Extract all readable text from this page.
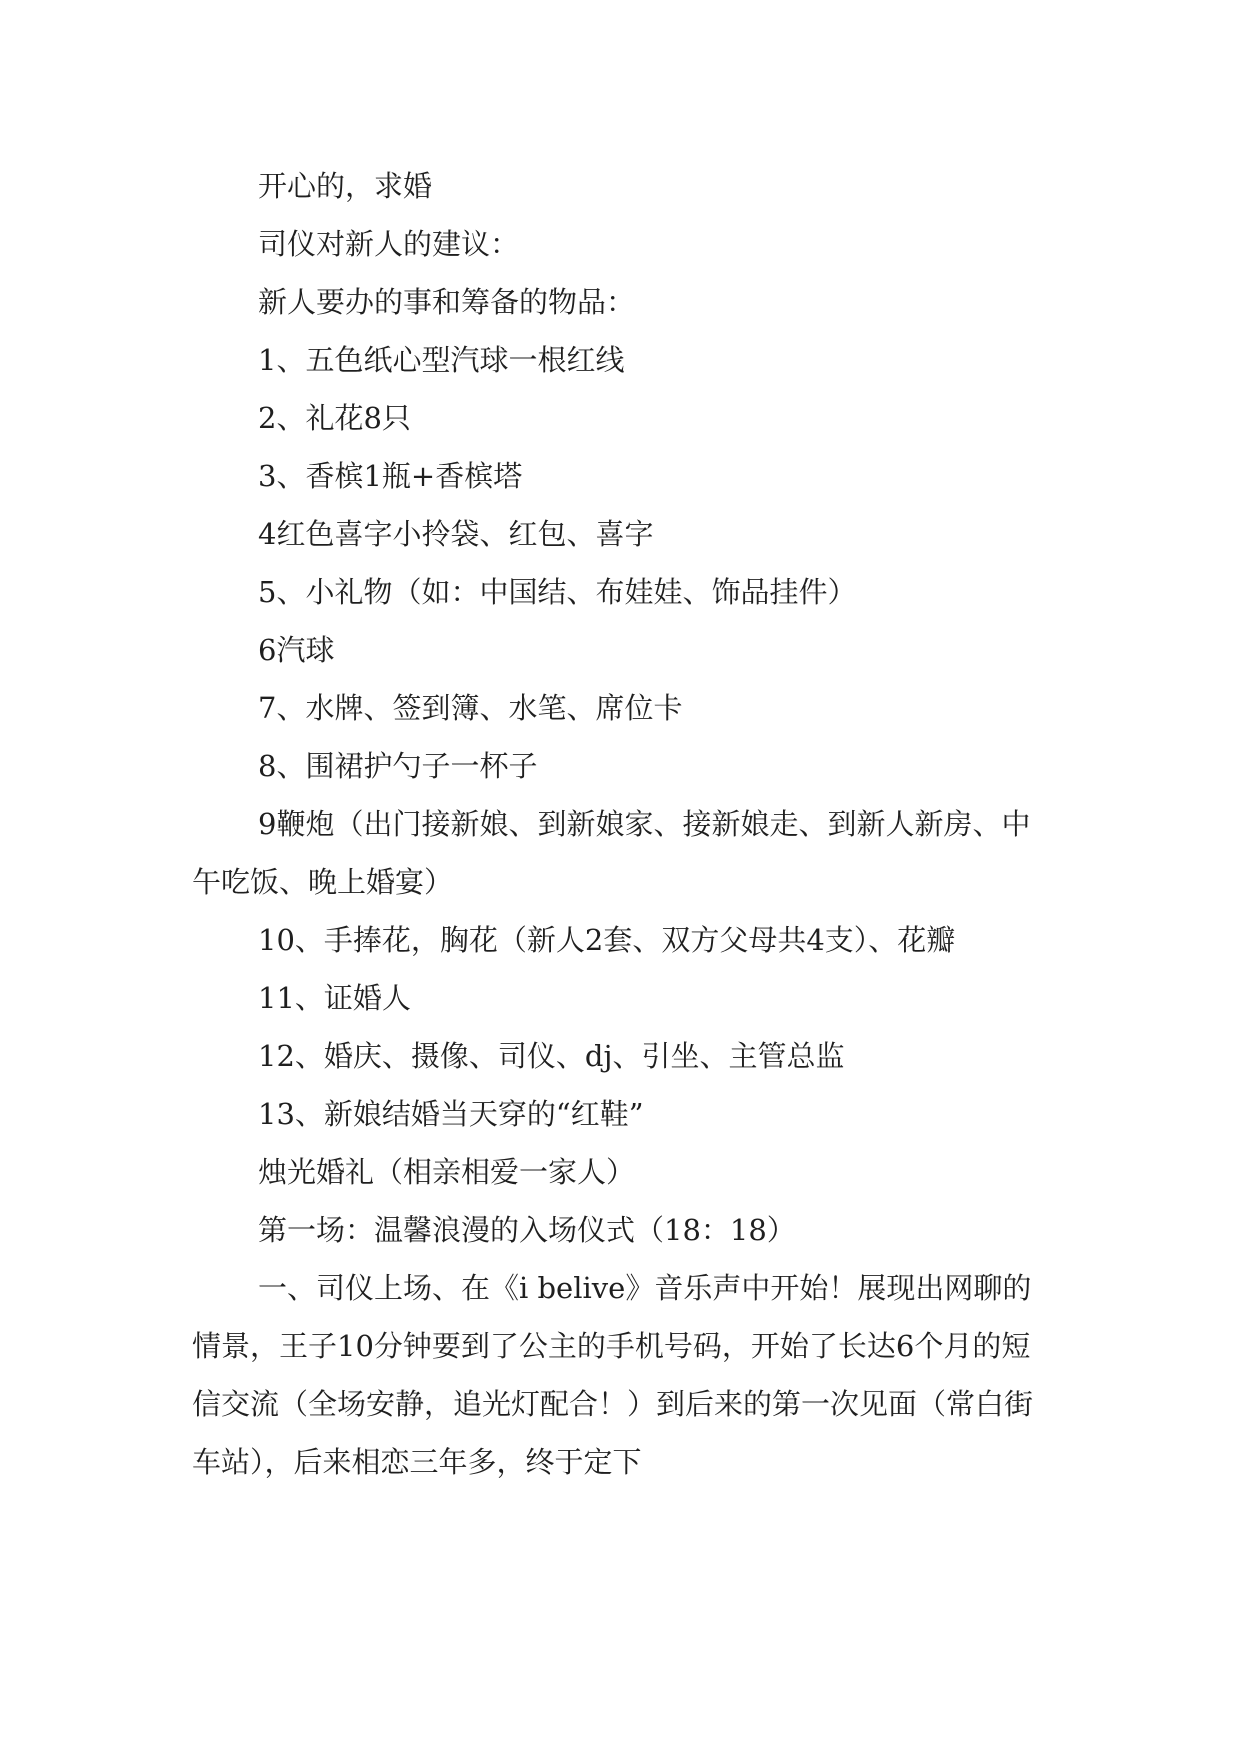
开心的，求婚

司仪对新人的建议：

新人要办的事和筹备的物品：

1、五色纸心型汽球一根红线

2、礼花8只

3、香槟1瓶+香槟塔

4红色喜字小拎袋、红包、喜字

5、小礼物（如：中国结、布娃娃、饰品挂件）

6汽球

7、水牌、签到簿、水笔、席位卡

8、围裙护勺子一杯子

9鞭炮（出门接新娘、到新娘家、接新娘走、到新人新房、中午吃饭、晚上婚宴）

10、手捧花，胸花（新人2套、双方父母共4支）、花瓣

11、证婚人

12、婚庆、摄像、司仪、dj、引坐、主管总监

13、新娘结婚当天穿的“红鞋”

烛光婚礼（相亲相爱一家人）

第一场：温馨浪漫的入场仪式（18：18）

一、司仪上场、在《i belive》音乐声中开始！展现出网聊的情景，王子10分钟要到了公主的手机号码，开始了长达6个月的短信交流（全场安静，追光灯配合！）到后来的第一次见面（常白街车站），后来相恋三年多，终于定下
